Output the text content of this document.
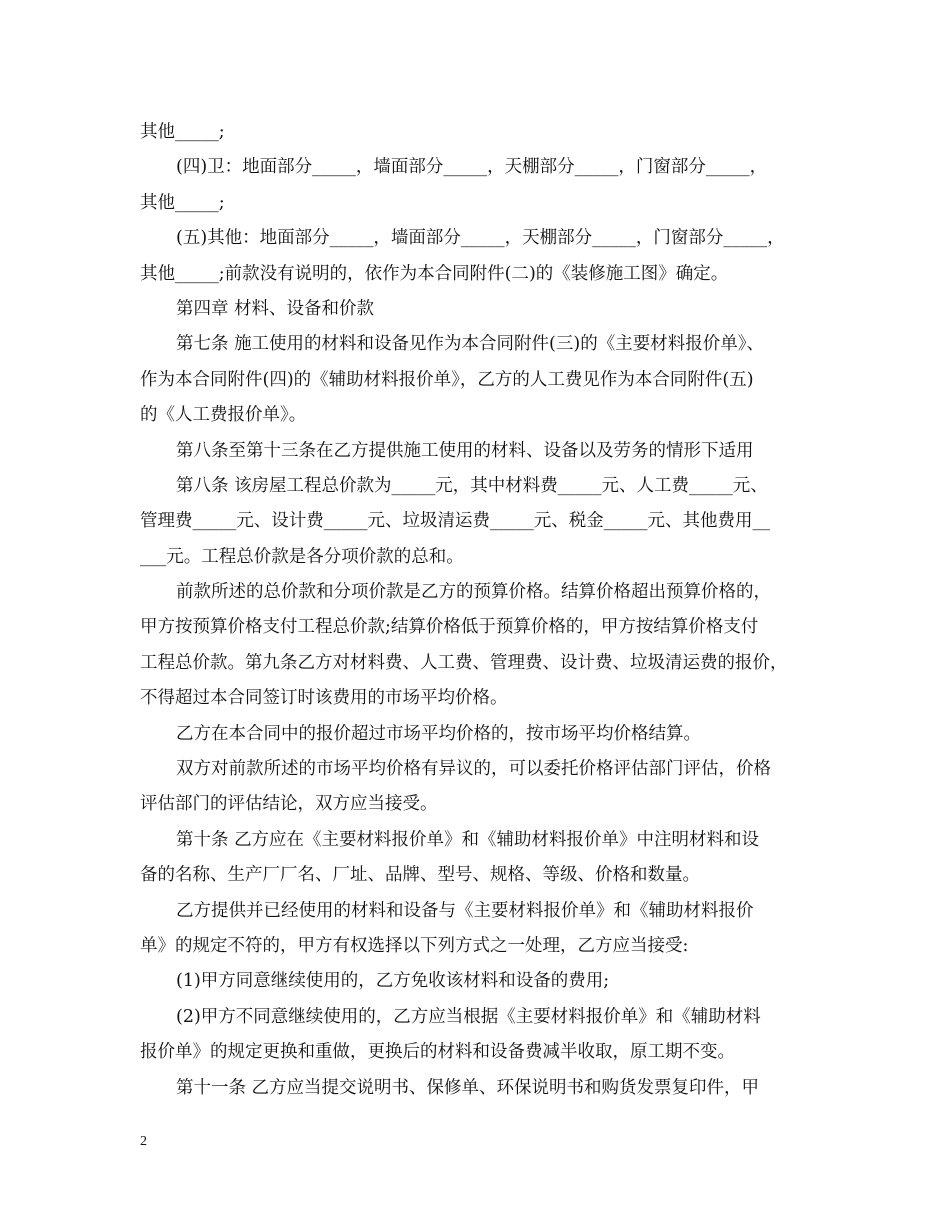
其他_____;
(四)卫：地面部分_____，墙面部分_____，天棚部分_____，门窗部分_____，
其他_____;
(五)其他：地面部分_____，墙面部分_____，天棚部分_____，门窗部分_____，
其他_____;前款没有说明的，依作为本合同附件(二)的《装修施工图》确定。
第四章 材料、设备和价款
第七条 施工使用的材料和设备见作为本合同附件(三)的《主要材料报价单》、
作为本合同附件(四)的《辅助材料报价单》，乙方的人工费见作为本合同附件(五)
的《人工费报价单》。
第八条至第十三条在乙方提供施工使用的材料、设备以及劳务的情形下适用
第八条 该房屋工程总价款为_____元，其中材料费_____元、人工费_____元、
管理费_____元、设计费_____元、垃圾清运费_____元、税金_____元、其他费用__
___元。工程总价款是各分项价款的总和。
前款所述的总价款和分项价款是乙方的预算价格。结算价格超出预算价格的，
甲方按预算价格支付工程总价款;结算价格低于预算价格的，甲方按结算价格支付
工程总价款。第九条乙方对材料费、人工费、管理费、设计费、垃圾清运费的报价，
不得超过本合同签订时该费用的市场平均价格。
乙方在本合同中的报价超过市场平均价格的，按市场平均价格结算。
双方对前款所述的市场平均价格有异议的，可以委托价格评估部门评估，价格
评估部门的评估结论，双方应当接受。
第十条 乙方应在《主要材料报价单》和《辅助材料报价单》中注明材料和设
备的名称、生产厂厂名、厂址、品牌、型号、规格、等级、价格和数量。
乙方提供并已经使用的材料和设备与《主要材料报价单》和《辅助材料报价
单》的规定不符的，甲方有权选择以下列方式之一处理，乙方应当接受:
(1)甲方同意继续使用的，乙方免收该材料和设备的费用;
(2)甲方不同意继续使用的，乙方应当根据《主要材料报价单》和《辅助材料
报价单》的规定更换和重做，更换后的材料和设备费减半收取，原工期不变。
第十一条 乙方应当提交说明书、保修单、环保说明书和购货发票复印件，甲
2
